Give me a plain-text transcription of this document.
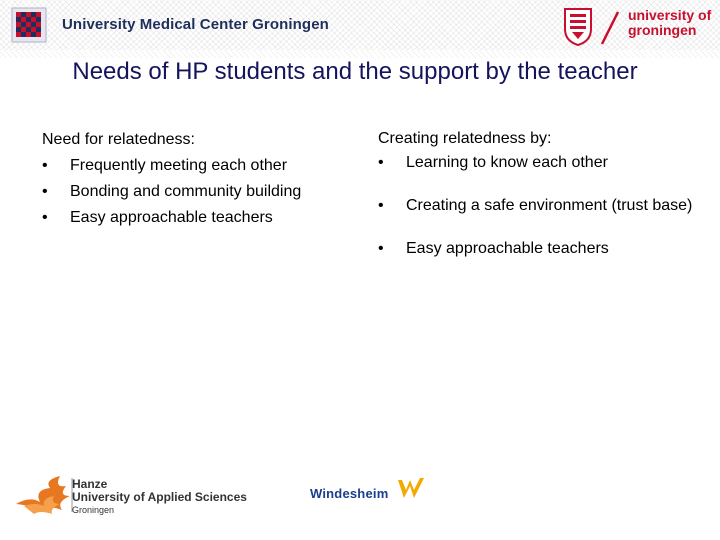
University Medical Center Groningen
university of
groningen
Needs of HP students and the support by the teacher
Need for relatedness:
• Frequently meeting each other
• Bonding and community building
• Easy approachable teachers
Creating relatedness by:
• Learning to know each other
• Creating a safe environment (trust base)
• Easy approachable teachers
Hanze
University of Applied Sciences
Groningen
Windesheim
